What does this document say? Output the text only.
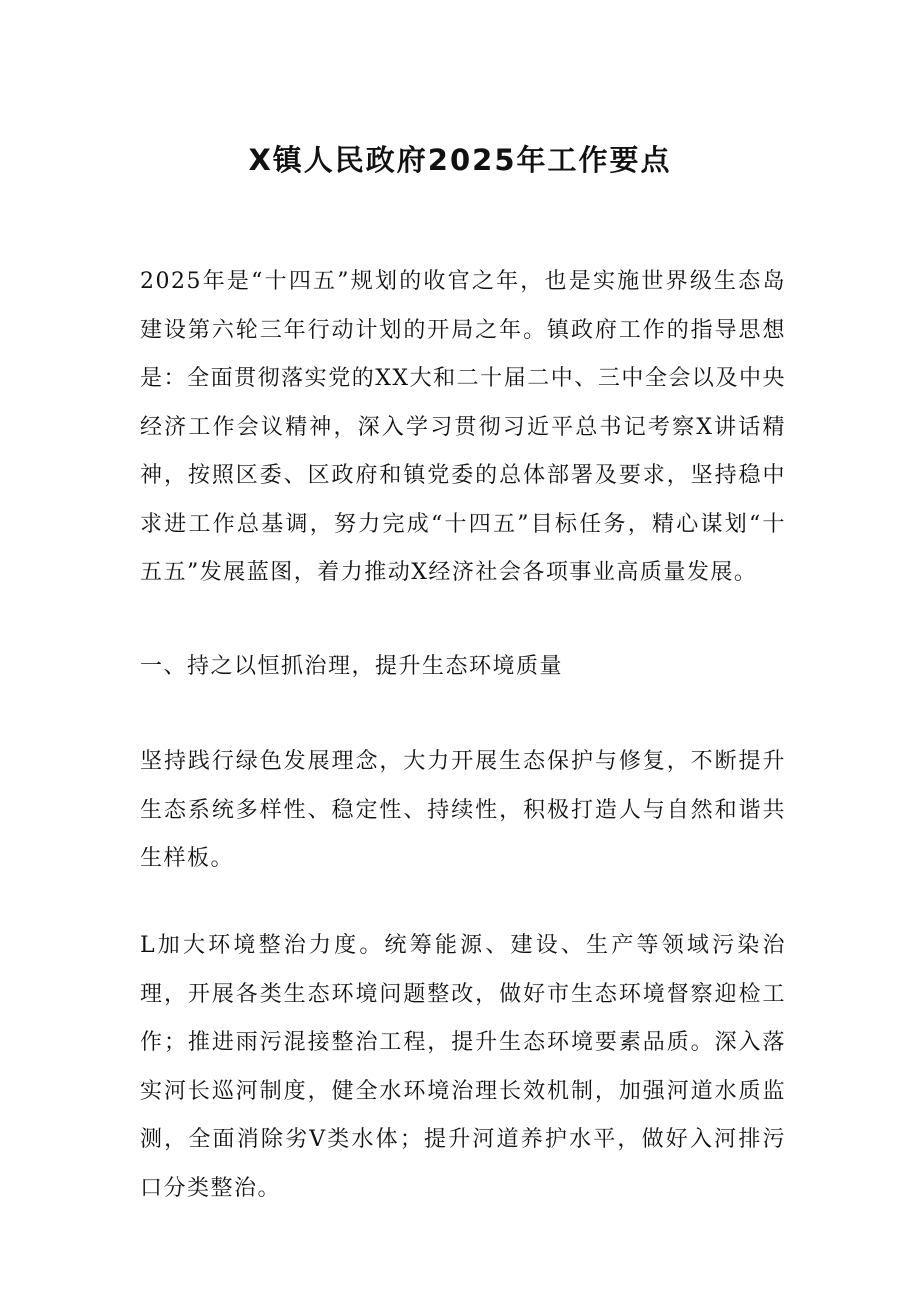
X镇人民政府2025年工作要点

2025年是“十四五”规划的收官之年，也是实施世界级生态岛建设第六轮三年行动计划的开局之年。镇政府工作的指导思想是：全面贯彻落实党的XX大和二十届二中、三中全会以及中央经济工作会议精神，深入学习贯彻习近平总书记考察X讲话精神，按照区委、区政府和镇党委的总体部署及要求，坚持稳中求进工作总基调，努力完成“十四五”目标任务，精心谋划“十五五”发展蓝图，着力推动X经济社会各项事业高质量发展。

一、持之以恒抓治理，提升生态环境质量

坚持践行绿色发展理念，大力开展生态保护与修复，不断提升生态系统多样性、稳定性、持续性，积极打造人与自然和谐共生样板。

L加大环境整治力度。统筹能源、建设、生产等领域污染治理，开展各类生态环境问题整改，做好市生态环境督察迎检工作；推进雨污混接整治工程，提升生态环境要素品质。深入落实河长巡河制度，健全水环境治理长效机制，加强河道水质监测，全面消除劣V类水体；提升河道养护水平，做好入河排污口分类整治。
